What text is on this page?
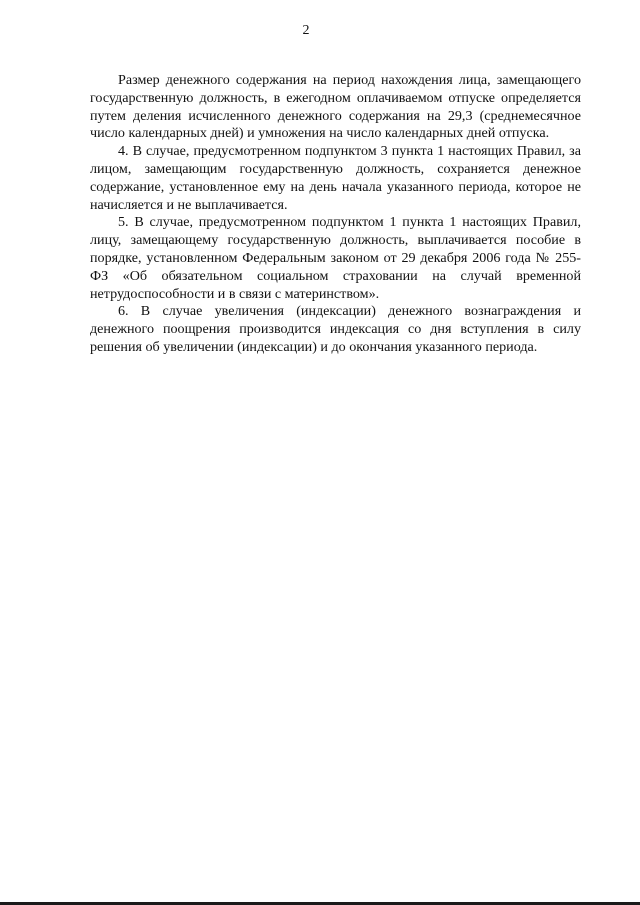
2

Размер денежного содержания на период нахождения лица, замещающего государственную должность, в ежегодном оплачиваемом отпуске определяется путем деления исчисленного денежного содержания на 29,3 (среднемесячное число календарных дней) и умножения на число календарных дней отпуска.

4. В случае, предусмотренном подпунктом 3 пункта 1 настоящих Правил, за лицом, замещающим государственную должность, сохраняется денежное содержание, установленное ему на день начала указанного периода, которое не начисляется и не выплачивается.

5. В случае, предусмотренном подпунктом 1 пункта 1 настоящих Правил, лицу, замещающему государственную должность, выплачивается пособие в порядке, установленном Федеральным законом от 29 декабря 2006 года № 255-ФЗ «Об обязательном социальном страховании на случай временной нетрудоспособности и в связи с материнством».

6. В случае увеличения (индексации) денежного вознаграждения и денежного поощрения производится индексация со дня вступления в силу решения об увеличении (индексации) и до окончания указанного периода.
